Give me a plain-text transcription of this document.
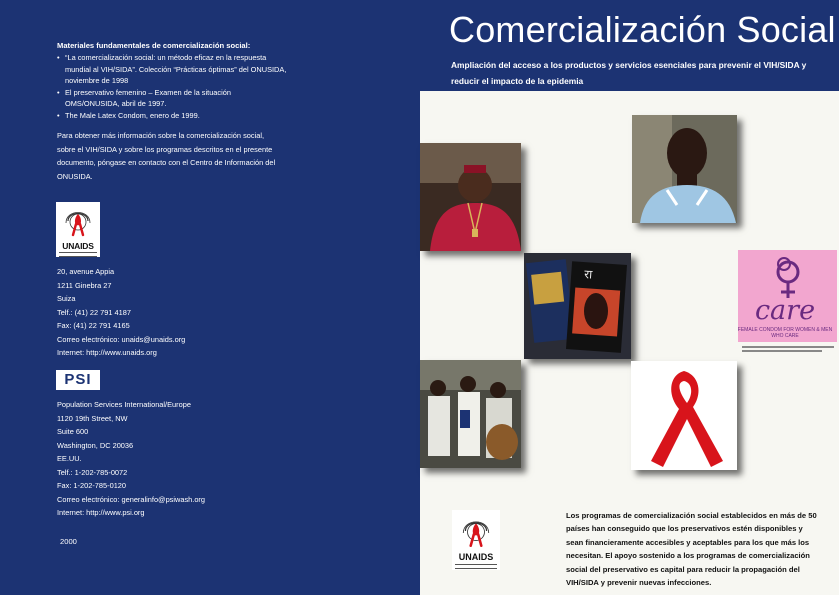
Materiales fundamentales de comercialización social:
• “La comercialización social: un método eficaz en la respuesta mundial al VIH/SIDA”. Colección “Prácticas óptimas” del ONUSIDA, noviembre de 1998
• El preservativo femenino – Examen de la situación OMS/ONUSIDA, abril de 1997.
• The Male Latex Condom, enero de 1999.
Para obtener más información sobre la comercialización social, sobre el VIH/SIDA y sobre los programas descritos en el presente documento, póngase en contacto con el Centro de Información del ONUSIDA.
UNAIDS
20, avenue Appia
1211 Ginebra 27
Suiza
Telf.: (41) 22 791 4187
Fax: (41) 22 791 4165
Correo electrónico: unaids@unaids.org
Internet: http://www.unaids.org
PSI
Population Services International/Europe
1120 19th Street, NW
Suite 600
Washington, DC 20036
EE.UU.
Telf.: 1-202-785-0072
Fax: 1-202-785-0120
Correo electrónico: generalinfo@psiwash.org
Internet: http://www.psi.org
2000
Comercialización Social
Ampliación del acceso a los productos y servicios esenciales para prevenir el VIH/SIDA y reducir el impacto de la epidemia
रा
care
FEMALE CONDOM FOR WOMEN & MEN WHO CARE
UNAIDS
Los programas de comercialización social establecidos en más de 50 países han conseguido que los preservativos estén disponibles y sean financieramente accesibles y aceptables para los que más los necesitan. El apoyo sostenido a los programas de comercialización social del preservativo es capital para reducir la propagación del VIH/SIDA y prevenir nuevas infecciones.
